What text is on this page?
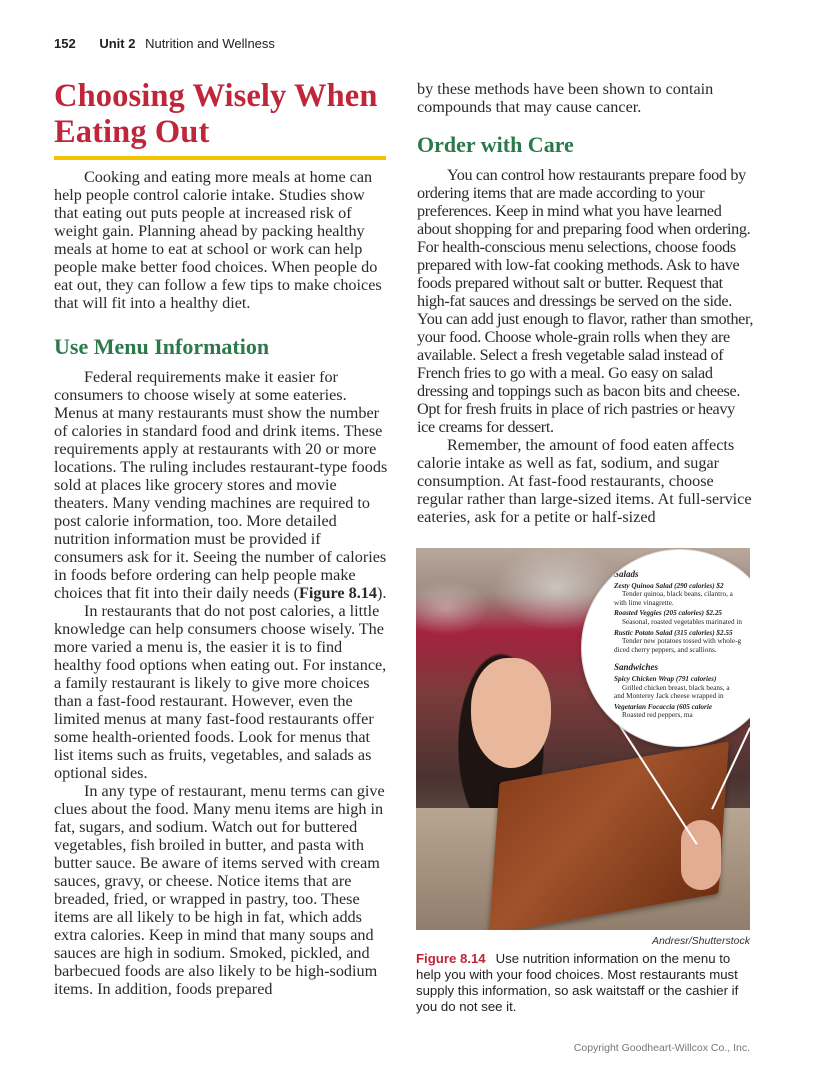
152 Unit 2 Nutrition and Wellness
Choosing Wisely When
Eating Out

Cooking and eating more meals at home can help people control calorie intake. Studies show that eating out puts people at increased risk of weight gain. Planning ahead by packing healthy meals at home to eat at school or work can help people make better food choices. When people do eat out, they can follow a few tips to make choices that will fit into a healthy diet.

Use Menu Information

Federal requirements make it easier for consumers to choose wisely at some eateries. Menus at many restaurants must show the number of calories in standard food and drink items. These requirements apply at restaurants with 20 or more locations. The ruling includes restaurant-type foods sold at places like grocery stores and movie theaters. Many vending machines are required to post calorie information, too. More detailed nutrition information must be provided if consumers ask for it. Seeing the number of calories in foods before ordering can help people make choices that fit into their daily needs (Figure 8.14).

In restaurants that do not post calories, a little knowledge can help consumers choose wisely. The more varied a menu is, the easier it is to find healthy food options when eating out. For instance, a family restaurant is likely to give more choices than a fast-food restaurant. However, even the limited menus at many fast-food restaurants offer some health-oriented foods. Look for menus that list items such as fruits, vegetables, and salads as optional sides.

In any type of restaurant, menu terms can give clues about the food. Many menu items are high in fat, sugars, and sodium. Watch out for buttered vegetables, fish broiled in butter, and pasta with butter sauce. Be aware of items served with cream sauces, gravy, or cheese. Notice items that are breaded, fried, or wrapped in pastry, too. These items are all likely to be high in fat, which adds extra calories. Keep in mind that many soups and sauces are high in sodium. Smoked, pickled, and barbecued foods are also likely to be high-sodium items. In addition, foods prepared

by these methods have been shown to contain compounds that may cause cancer.

Order with Care

You can control how restaurants prepare food by ordering items that are made according to your preferences. Keep in mind what you have learned about shopping for and preparing food when ordering. For health-conscious menu selections, choose foods prepared with low-fat cooking methods. Ask to have foods prepared without salt or butter. Request that high-fat sauces and dressings be served on the side. You can add just enough to flavor, rather than smother, your food. Choose whole-grain rolls when they are available. Select a fresh vegetable salad instead of French fries to go with a meal. Go easy on salad dressing and toppings such as bacon bits and cheese. Opt for fresh fruits in place of rich pastries or heavy ice creams for dessert.

Remember, the amount of food eaten affects calorie intake as well as fat, sodium, and sugar consumption. At fast-food restaurants, choose regular rather than large-sized items. At full-service eateries, ask for a petite or half-sized

Salads
Zesty Quinoa Salad (290 calories) $2
Tender quinoa, black beans, cilantro, a
with lime vinagrette.
Roasted Veggies (205 calories) $2.25
Seasonal, roasted vegetables marinated in
Rustic Potato Salad (315 calories) $2.55
Tender new potatoes tossed with whole-g
diced cherry peppers, and scallions.
Sandwiches
Spicy Chicken Wrap (791 calories)
Grilled chicken breast, black beans, a
and Monterey Jack cheese wrapped in
Vegetarian Focaccia (605 calorie
Roasted red peppers, ma
Andresr/Shutterstock
Figure 8.14 Use nutrition information on the menu to help you with your food choices. Most restaurants must supply this information, so ask waitstaff or the cashier if you do not see it.
Copyright Goodheart-Willcox Co., Inc.
